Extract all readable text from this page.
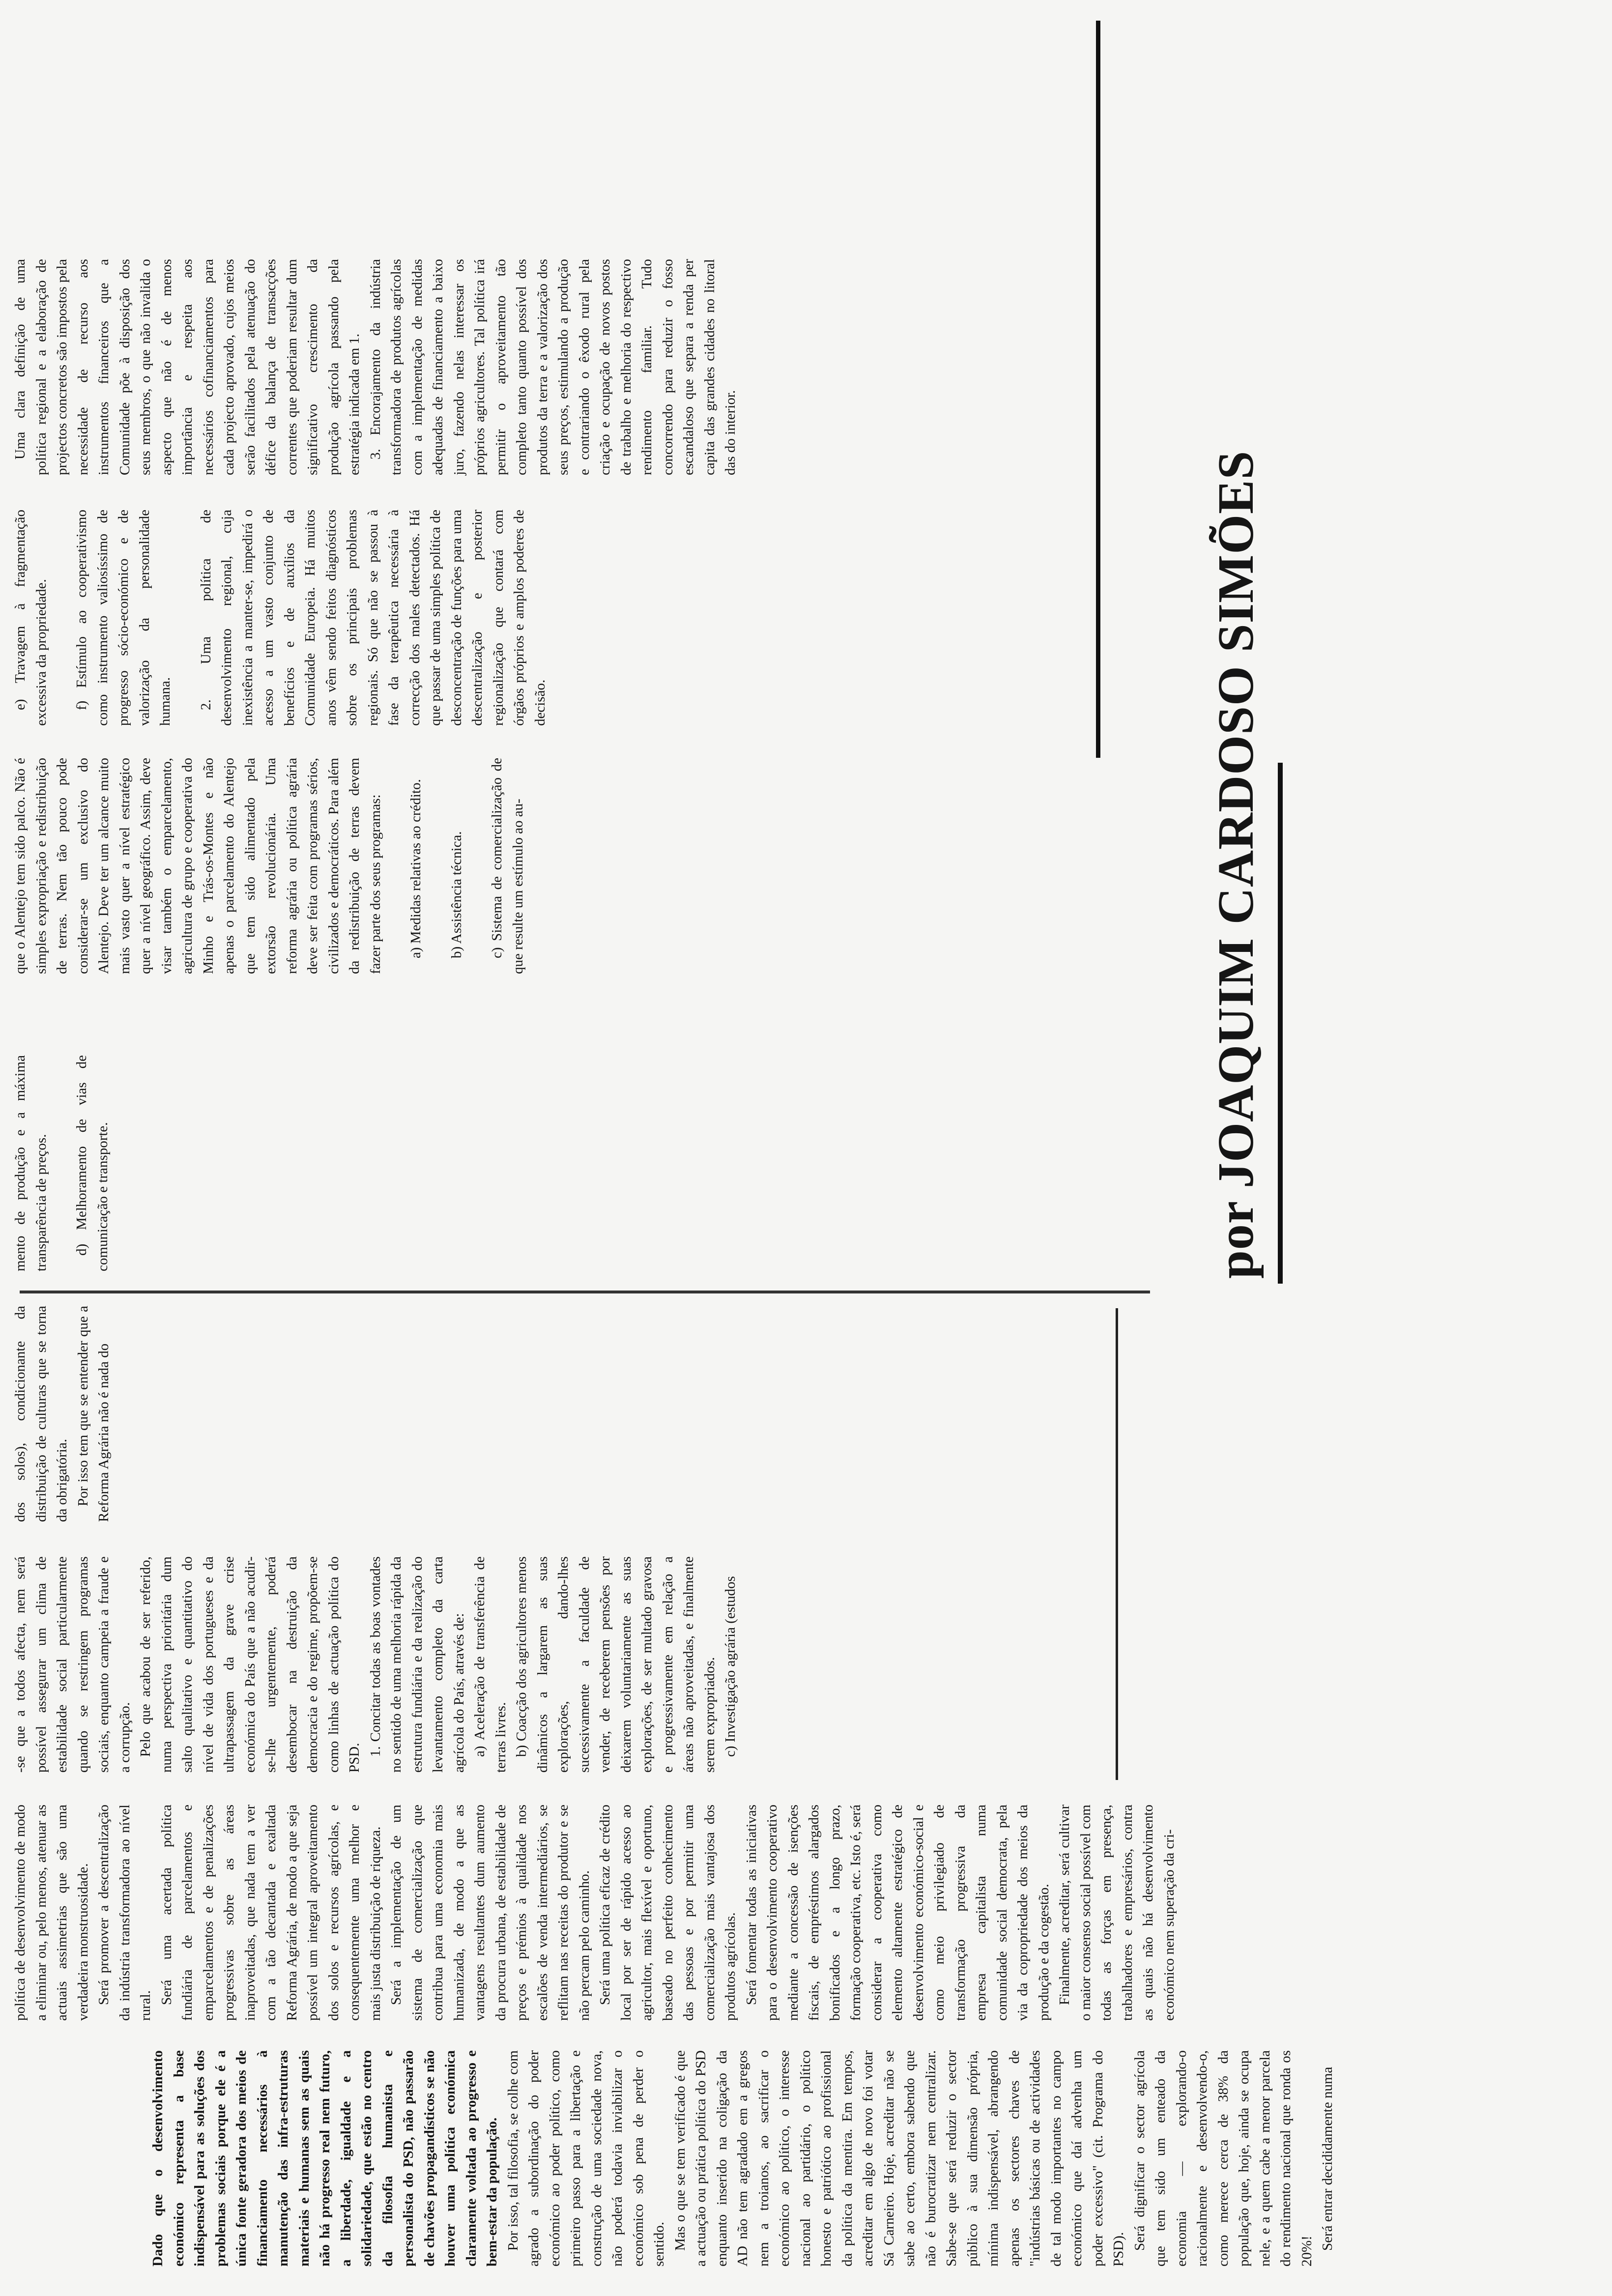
Dado que o desenvolvimento económico representa a base indispensável para as soluções dos problemas sociais porque ele é a única fonte geradora dos meios de financiamento necessários à manutenção das infra-estruturas materiais e humanas sem as quais não há progresso real nem futuro, a liberdade, igualdade e a solidariedade, que estão no centro da filosofia humanista e personalista do PSD, não passarão de chavões propagandísticos se não houver uma política económica claramente voltada ao progresso e bem-estar da população. Por isso, tal filosofia, se colhe com agrado a subordinação do poder económico ao poder político, como primeiro passo para a libertação e construção de uma sociedade nova, não poderá todavia inviabilizar o económico sob pena de perder o sentido. Mas o que se tem verificado é que a actuação ou prática política do PSD enquanto inserido na coligação da AD não tem agradado em a gregos nem a troianos, ao sacrificar o económico ao político, o interesse nacional ao partidário, o político honesto e patriótico ao profissional da política da mentira. Em tempos, acreditar em algo de novo foi votar Sá Carneiro. Hoje, acreditar não se sabe ao certo, embora sabendo que não é burocratizar nem centralizar. Sabe-se que será reduzir o sector público à sua dimensão própria, mínima indispensável, abrangendo apenas os sectores chaves de "indústrias básicas ou de actividades de tal modo importantes no campo económico que daí advenha um poder excessivo" (cit. Programa do PSD). Será dignificar o sector agrícola que tem sido um enteado da economia — explorando-o racionalmente e desenvolvendo-o, como merece cerca de 38% da população que, hoje, ainda se ocupa nele, e a quem cabe a menor parcela do rendimento nacional que ronda os 20%!

Será entrar decididamente numa

política de desenvolvimento de modo a eliminar ou, pelo menos, atenuar as actuais assimetrias que são uma verdadeira monstruosidade. Será promover a descentralização da indústria transformadora ao nível rural.

Será uma acertada política fundiária de parcelamentos e emparcelamentos e de penalizações progressivas sobre as áreas inaproveitadas, que nada tem a ver com a tão decantada e exaltada Reforma Agrária, de modo a que seja possível um integral aproveitamento dos solos e recursos agrícolas, e consequentemente uma melhor e mais justa distribuição de riqueza. Será a implementação de um sistema de comercialização que contribua para uma economia mais humanizada, de modo a que as vantagens resultantes dum aumento da procura urbana, de estabilidade de preços e prémios à qualidade nos escalões de venda intermediários, se reflitam nas receitas do produtor e se não percam pelo caminho. Será uma política eficaz de crédito local por ser de rápido acesso ao agricultor, mais flexível e oportuno, baseado no perfeito conhecimento das pessoas e por permitir uma comercialização mais vantajosa dos produtos agrícolas. Será fomentar todas as iniciativas para o desenvolvimento cooperativo mediante a concessão de isenções fiscais, de empréstimos alargados bonificados e a longo prazo, formação cooperativa, etc. Isto é, será considerar a cooperativa como elemento altamente estratégico de desenvolvimento económico-social e como meio privilegiado de transformação progressiva da empresa capitalista numa comunidade social democrata, pela via da copropriedade dos meios da produção e da cogestão. Finalmente, acreditar, será cultivar o maior consenso social possível com todas as forças em presença, trabalhadores e empresários, contra as quais não há desenvolvimento económico nem superação da cri-

-se que a todos afecta, nem será possível assegurar um clima de estabilidade social particularmente quando se restringem programas sociais, enquanto campeia a fraude e a corrupção. Pelo que acabou de ser referido, numa perspectiva prioritária dum salto qualitativo e quantitativo do nível de vida dos portugueses e da ultrapassagem da grave crise económica do País que a não acudir-se-lhe urgentemente, poderá desembocar na destruição da democracia e do regime, propõem-se como linhas de actuação política do PSD.

1. Concitar todas as boas vontades no sentido de uma melhoria rápida da estrutura fundiária e da realização do levantamento completo da carta agrícola do País, através de: a) Aceleração de transferência de terras livres. b) Coacção dos agricultores menos dinâmicos a largarem as suas explorações, dando-lhes sucessivamente a faculdade de vender, de receberem pensões por deixarem voluntariamente as suas explorações, de ser multado gravosa e progressivamente em relação a áreas não aproveitadas, e finalmente serem expropriados. c) Investigação agrária (estudos

dos solos), condicionante da distribuição de culturas que se torna da obrigatória. Por isso tem que se entender que a Reforma Agrária não é nada do

mento de produção e a máxima transparência de preços. d) Melhoramento de vias de comunicação e transporte.	por JOAQUIM CARDOSO SIMÕES

que o Alentejo tem sido palco. Não é simples expropriação e redistribuição de terras. Nem tão pouco pode considerar-se um exclusivo do Alentejo. Deve ter um alcance muito mais vasto quer a nível estratégico quer a nível geográfico. Assim, deve visar também o emparcelamento, agricultura de grupo e cooperativa do Minho e Trás-os-Montes e não apenas o parcelamento do Alentejo que tem sido alimentado pela extorsão revolucionária. Uma reforma agrária ou política agrária deve ser feita com programas sérios, civilizados e democráticos. Para além da redistribuição de terras devem fazer parte dos seus programas: a) Medidas relativas ao crédito. b) Assistência técnica. c) Sistema de comercialização de que resulte um estímulo ao au-

e) Travagem à fragmentação excessiva da propriedade. f) Estímulo ao cooperativismo como instrumento valiosíssimo de progresso sócio-económico e de valorização da personalidade humana. 2. Uma política de desenvolvimento regional, cuja inexistência a manter-se, impedirá o acesso a um vasto conjunto de benefícios e de auxílios da Comunidade Europeia. Há muitos anos vêm sendo feitos diagnósticos sobre os principais problemas regionais. Só que não se passou à fase da terapêutica necessária à correcção dos males detectados. Há que passar de uma simples política de desconcentração de funções para uma descentralização e posterior regionalização que contará com órgãos próprios e amplos poderes de decisão.

Uma clara definição de uma política regional e a elaboração de projectos concretos são impostos pela necessidade de recurso aos instrumentos financeiros que a Comunidade põe à disposição dos seus membros, o que não invalida o aspecto que não é de menos importância e respeita aos necessários cofinanciamentos para cada projecto aprovado, cujos meios serão facilitados pela atenuação do défice da balança de transacções correntes que poderiam resultar dum significativo crescimento da produção agrícola passando pela estratégia indicada em 1. 3. Encorajamento da indústria transformadora de produtos agrícolas com a implementação de medidas adequadas de financiamento a baixo juro, fazendo nelas interessar os próprios agricultores. Tal política irá permitir o aproveitamento tão completo tanto quanto possível dos produtos da terra e a valorização dos seus preços, estimulando a produção e contrariando o êxodo rural pela criação e ocupação de novos postos de trabalho e melhoria do respectivo rendimento familiar. Tudo concorrendo para reduzir o fosso escandaloso que separa a renda per capita das grandes cidades no litoral das do interior.
